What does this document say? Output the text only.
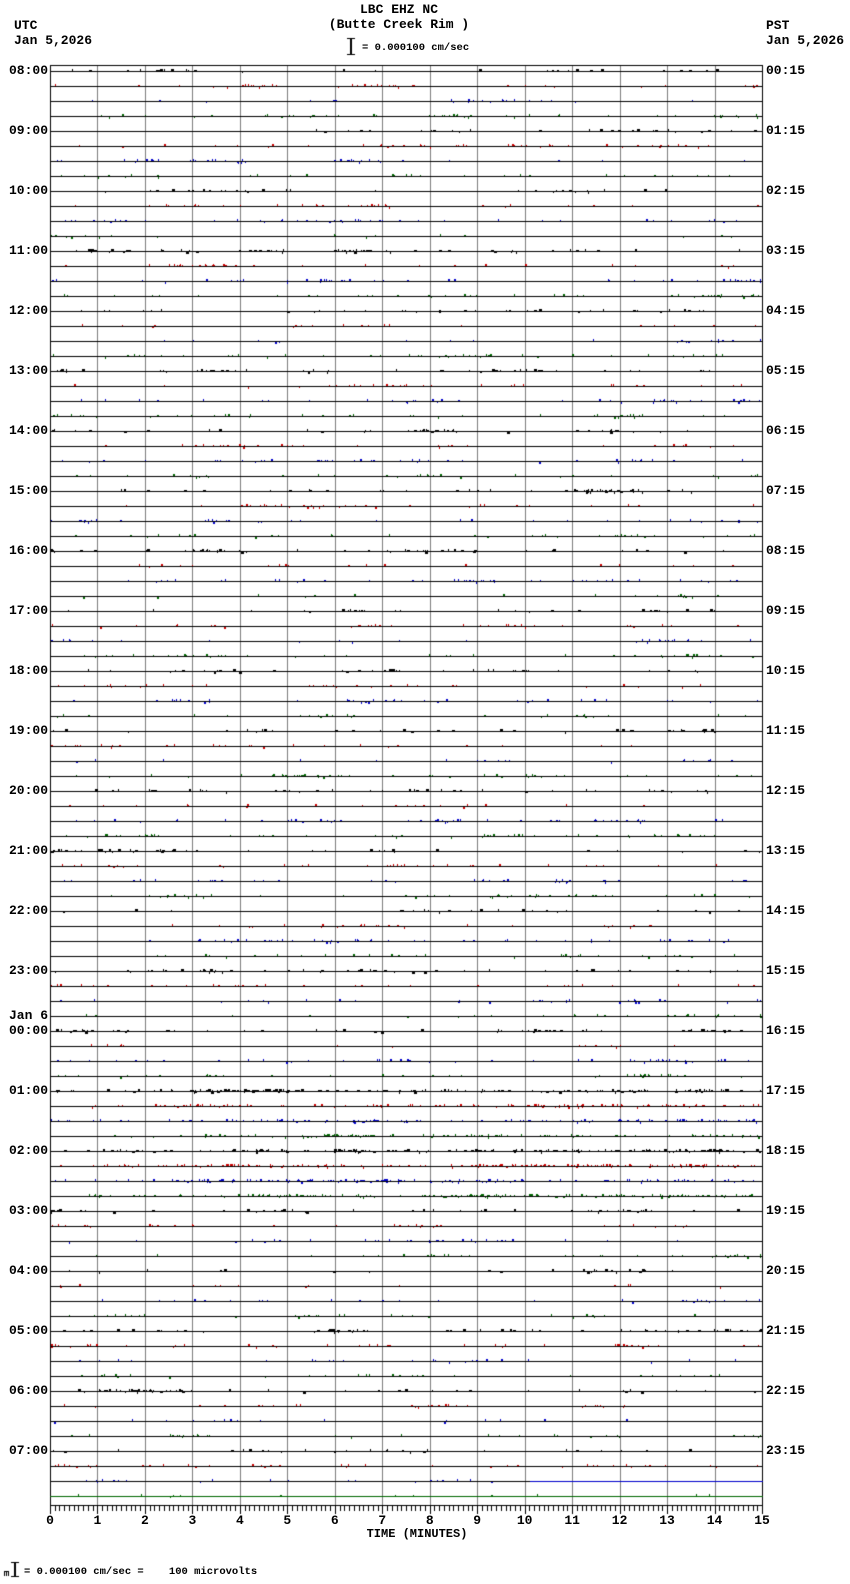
UTC
Jan 5,2026
LBC EHZ NC
(Butte Creek Rim )
= 0.000100 cm/sec
PST
Jan 5,2026
08:00
09:00
10:00
11:00
12:00
13:00
14:00
15:00
16:00
17:00
18:00
19:00
20:00
21:00
22:00
23:00
Jan 6
00:00
01:00
02:00
03:00
04:00
05:00
06:00
07:00
00:15
01:15
02:15
03:15
04:15
05:15
06:15
07:15
08:15
09:15
10:15
11:15
12:15
13:15
14:15
15:15
16:15
17:15
18:15
19:15
20:15
21:15
22:15
23:15
0	1	2	3	4	5	6	7	8	9	10	11	12	13	14	15
TIME (MINUTES)
= 0.000100 cm/sec =    100 microvolts
